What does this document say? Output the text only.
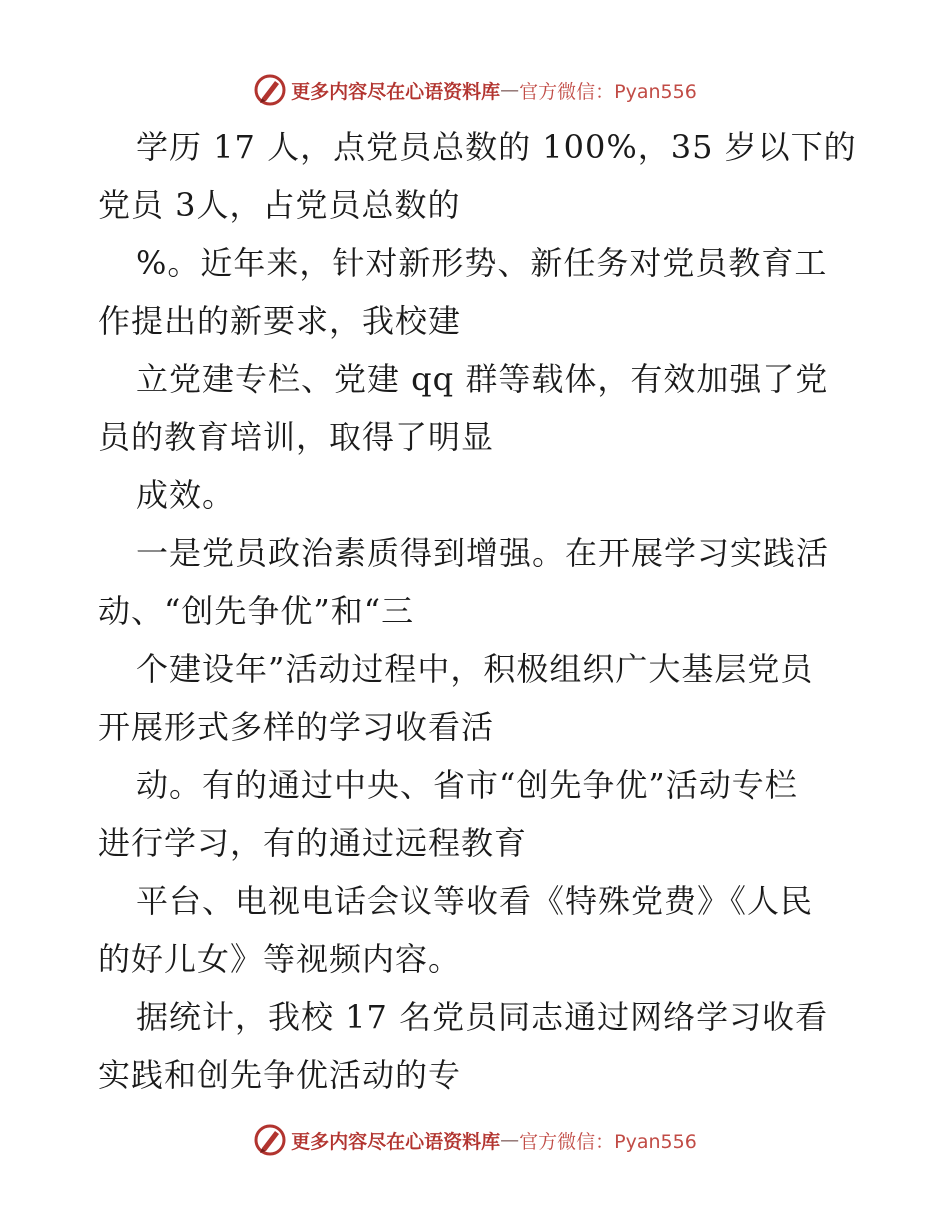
更多内容尽在心语资料库 — 官方微信：Pyan556

学历 17 人，点党员总数的 100%，35 岁以下的
党员 3人，占党员总数的

%。近年来，针对新形势、新任务对党员教育工
作提出的新要求，我校建

立党建专栏、党建 qq 群等载体，有效加强了党
员的教育培训，取得了明显

成效。

一是党员政治素质得到增强。在开展学习实践活
动、“创先争优”和“三

个建设年”活动过程中，积极组织广大基层党员
开展形式多样的学习收看活

动。有的通过中央、省市“创先争优”活动专栏
进行学习，有的通过远程教育

平台、电视电话会议等收看《特殊党费》《人民
的好儿女》等视频内容。

据统计，我校 17 名党员同志通过网络学习收看
实践和创先争优活动的专

更多内容尽在心语资料库 — 官方微信：Pyan556
